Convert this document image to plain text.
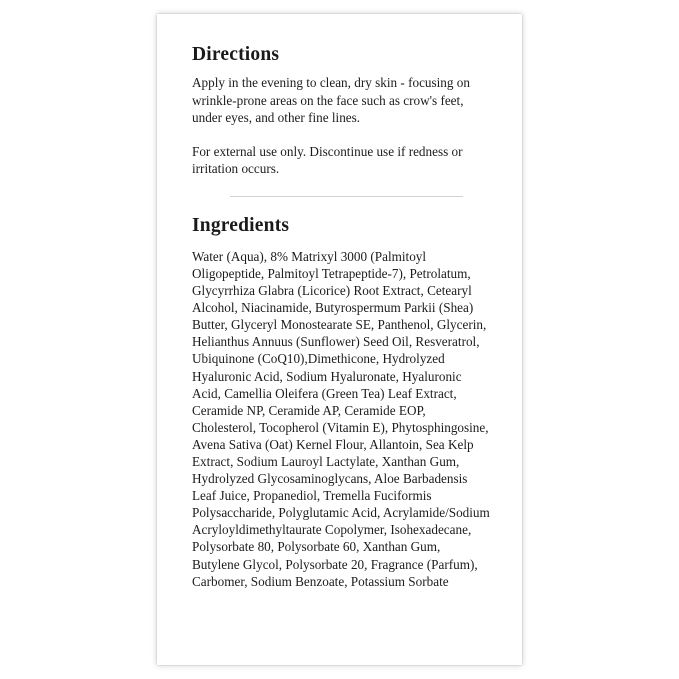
Directions

Apply in the evening to clean, dry skin - focusing on wrinkle-prone areas on the face such as crow's feet, under eyes, and other fine lines.

For external use only. Discontinue use if redness or irritation occurs.

Ingredients

Water (Aqua), 8% Matrixyl 3000 (Palmitoyl Oligopeptide, Palmitoyl Tetrapeptide-7), Petrolatum, Glycyrrhiza Glabra (Licorice) Root Extract, Cetearyl Alcohol, Niacinamide, Butyrospermum Parkii (Shea) Butter, Glyceryl Monostearate SE, Panthenol, Glycerin, Helianthus Annuus (Sunflower) Seed Oil, Resveratrol, Ubiquinone (CoQ10),Dimethicone, Hydrolyzed Hyaluronic Acid, Sodium Hyaluronate, Hyaluronic Acid, Camellia Oleifera (Green Tea) Leaf Extract, Ceramide NP, Ceramide AP, Ceramide EOP, Cholesterol, Tocopherol (Vitamin E), Phytosphingosine, Avena Sativa (Oat) Kernel Flour, Allantoin, Sea Kelp Extract, Sodium Lauroyl Lactylate, Xanthan Gum, Hydrolyzed Glycosaminoglycans, Aloe Barbadensis Leaf Juice, Propanediol, Tremella Fuciformis Polysaccharide, Polyglutamic Acid, Acrylamide/Sodium Acryloyldimethyltaurate Copolymer, Isohexadecane, Polysorbate 80, Polysorbate 60, Xanthan Gum, Butylene Glycol, Polysorbate 20, Fragrance (Parfum), Carbomer, Sodium Benzoate, Potassium Sorbate
